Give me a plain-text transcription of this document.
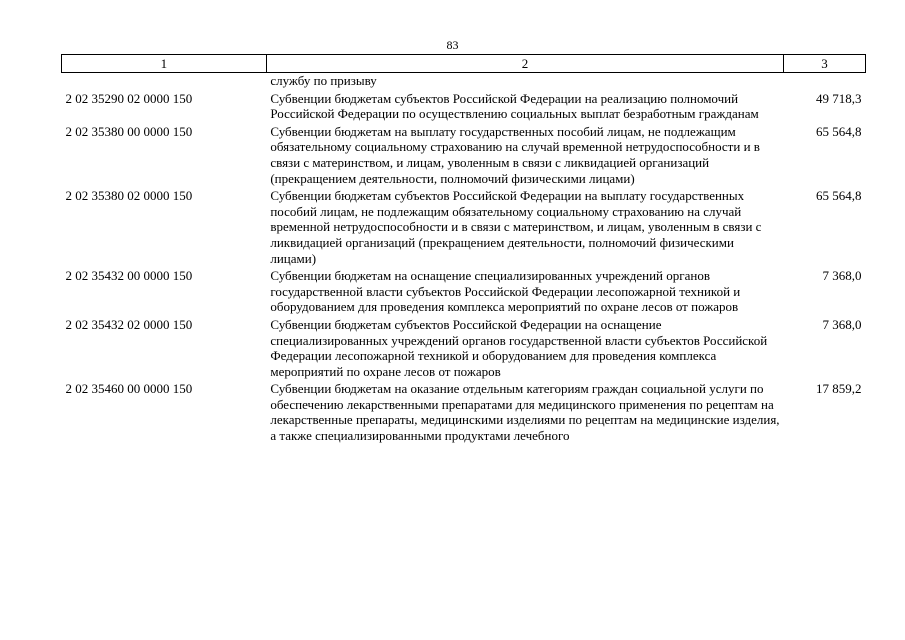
83
1	2	3
	службу по призыву	
2 02 35290 02 0000 150	Субвенции бюджетам субъектов Российской Федерации на реализацию полномочий Российской Федерации по осуществлению социальных выплат безработным гражданам	49 718,3
2 02 35380 00 0000 150	Субвенции бюджетам на выплату государственных пособий лицам, не подлежащим обязательному социальному страхованию на случай временной нетрудоспособности и в связи с материнством, и лицам, уволенным в связи с ликвидацией организаций (прекращением деятельности, полномочий физическими лицами)	65 564,8
2 02 35380 02 0000 150	Субвенции бюджетам субъектов Российской Федерации на выплату государственных пособий лицам, не подлежащим обязательному социальному страхованию на случай временной нетрудоспособности и в связи с материнством, и лицам, уволенным в связи с ликвидацией организаций (прекращением деятельности, полномочий физическими лицами)	65 564,8
2 02 35432 00 0000 150	Субвенции бюджетам на оснащение специализированных учреждений органов государственной власти субъектов Российской Федерации лесопожарной техникой и оборудованием для проведения комплекса мероприятий по охране лесов от пожаров	7 368,0
2 02 35432 02 0000 150	Субвенции бюджетам субъектов Российской Федерации на оснащение специализированных учреждений органов государственной власти субъектов Российской Федерации лесопожарной техникой и оборудованием для проведения комплекса мероприятий по охране лесов от пожаров	7 368,0
2 02 35460 00 0000 150	Субвенции бюджетам на оказание отдельным категориям граждан социальной услуги по обеспечению лекарственными препаратами для медицинского применения по рецептам на лекарственные препараты, медицинскими изделиями по рецептам на медицинские изделия, а также специализированными продуктами лечебного	17 859,2
